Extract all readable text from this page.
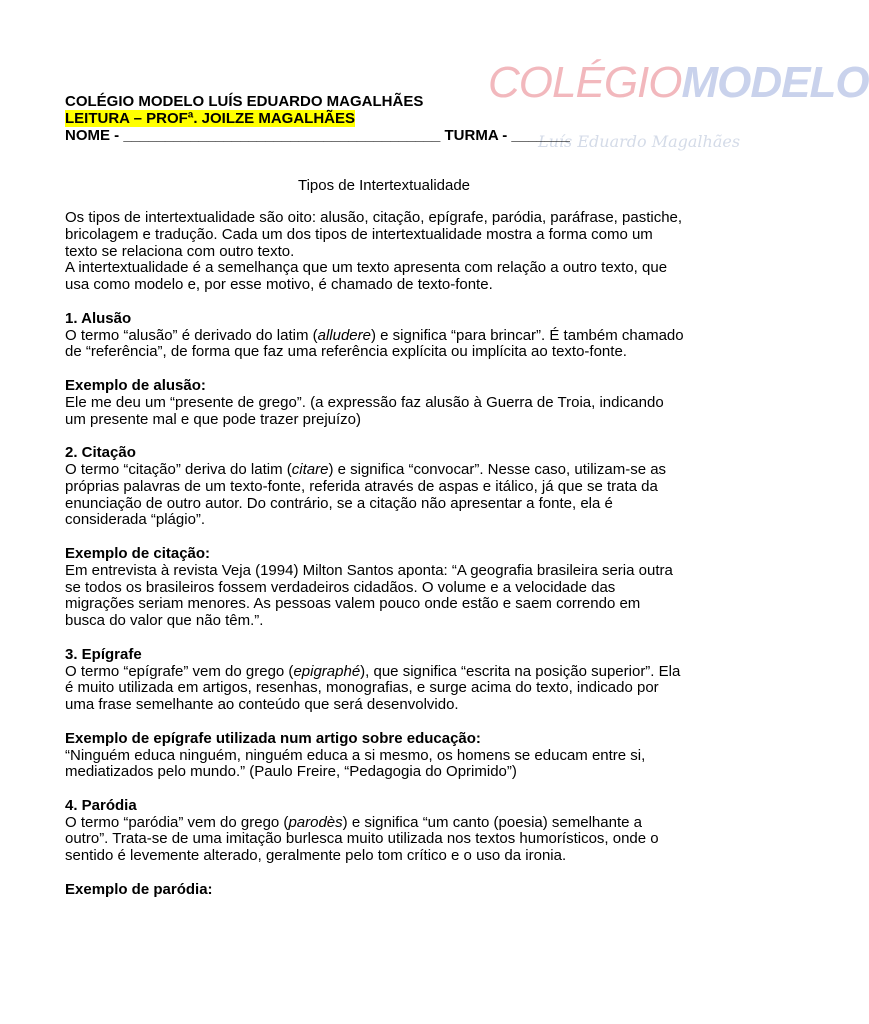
COLÉGIOMODELO
Luís Eduardo Magalhães
COLÉGIO MODELO LUÍS EDUARDO MAGALHÃES
LEITURA – PROFª. JOILZE MAGALHÃES
NOME - ______________________________________ TURMA - _______
Tipos de Intertextualidade

Os tipos de intertextualidade são oito: alusão, citação, epígrafe, paródia, paráfrase, pastiche,

bricolagem e tradução. Cada um dos tipos de intertextualidade mostra a forma como um

texto se relaciona com outro texto.

A intertextualidade é a semelhança que um texto apresenta com relação a outro texto, que

usa como modelo e, por esse motivo, é chamado de texto-fonte.

1. Alusão

O termo “alusão” é derivado do latim (alludere) e significa “para brincar”. É também chamado

de “referência”, de forma que faz uma referência explícita ou implícita ao texto-fonte.

Exemplo de alusão:

Ele me deu um “presente de grego”. (a expressão faz alusão à Guerra de Troia, indicando

um presente mal e que pode trazer prejuízo)

2. Citação

O termo “citação” deriva do latim (citare) e significa “convocar”. Nesse caso, utilizam-se as

próprias palavras de um texto-fonte, referida através de aspas e itálico, já que se trata da

enunciação de outro autor. Do contrário, se a citação não apresentar a fonte, ela é

considerada “plágio”.

Exemplo de citação:

Em entrevista à revista Veja (1994) Milton Santos aponta: “A geografia brasileira seria outra

se todos os brasileiros fossem verdadeiros cidadãos. O volume e a velocidade das

migrações seriam menores. As pessoas valem pouco onde estão e saem correndo em

busca do valor que não têm.”.

3. Epígrafe

O termo “epígrafe” vem do grego (epigraphé), que significa “escrita na posição superior”. Ela

é muito utilizada em artigos, resenhas, monografias, e surge acima do texto, indicado por

uma frase semelhante ao conteúdo que será desenvolvido.

Exemplo de epígrafe utilizada num artigo sobre educação:

“Ninguém educa ninguém, ninguém educa a si mesmo, os homens se educam entre si,

mediatizados pelo mundo.” (Paulo Freire, “Pedagogia do Oprimido”)

4. Paródia

O termo “paródia” vem do grego (parodès) e significa “um canto (poesia) semelhante a

outro”. Trata-se de uma imitação burlesca muito utilizada nos textos humorísticos, onde o

sentido é levemente alterado, geralmente pelo tom crítico e o uso da ironia.

Exemplo de paródia:
